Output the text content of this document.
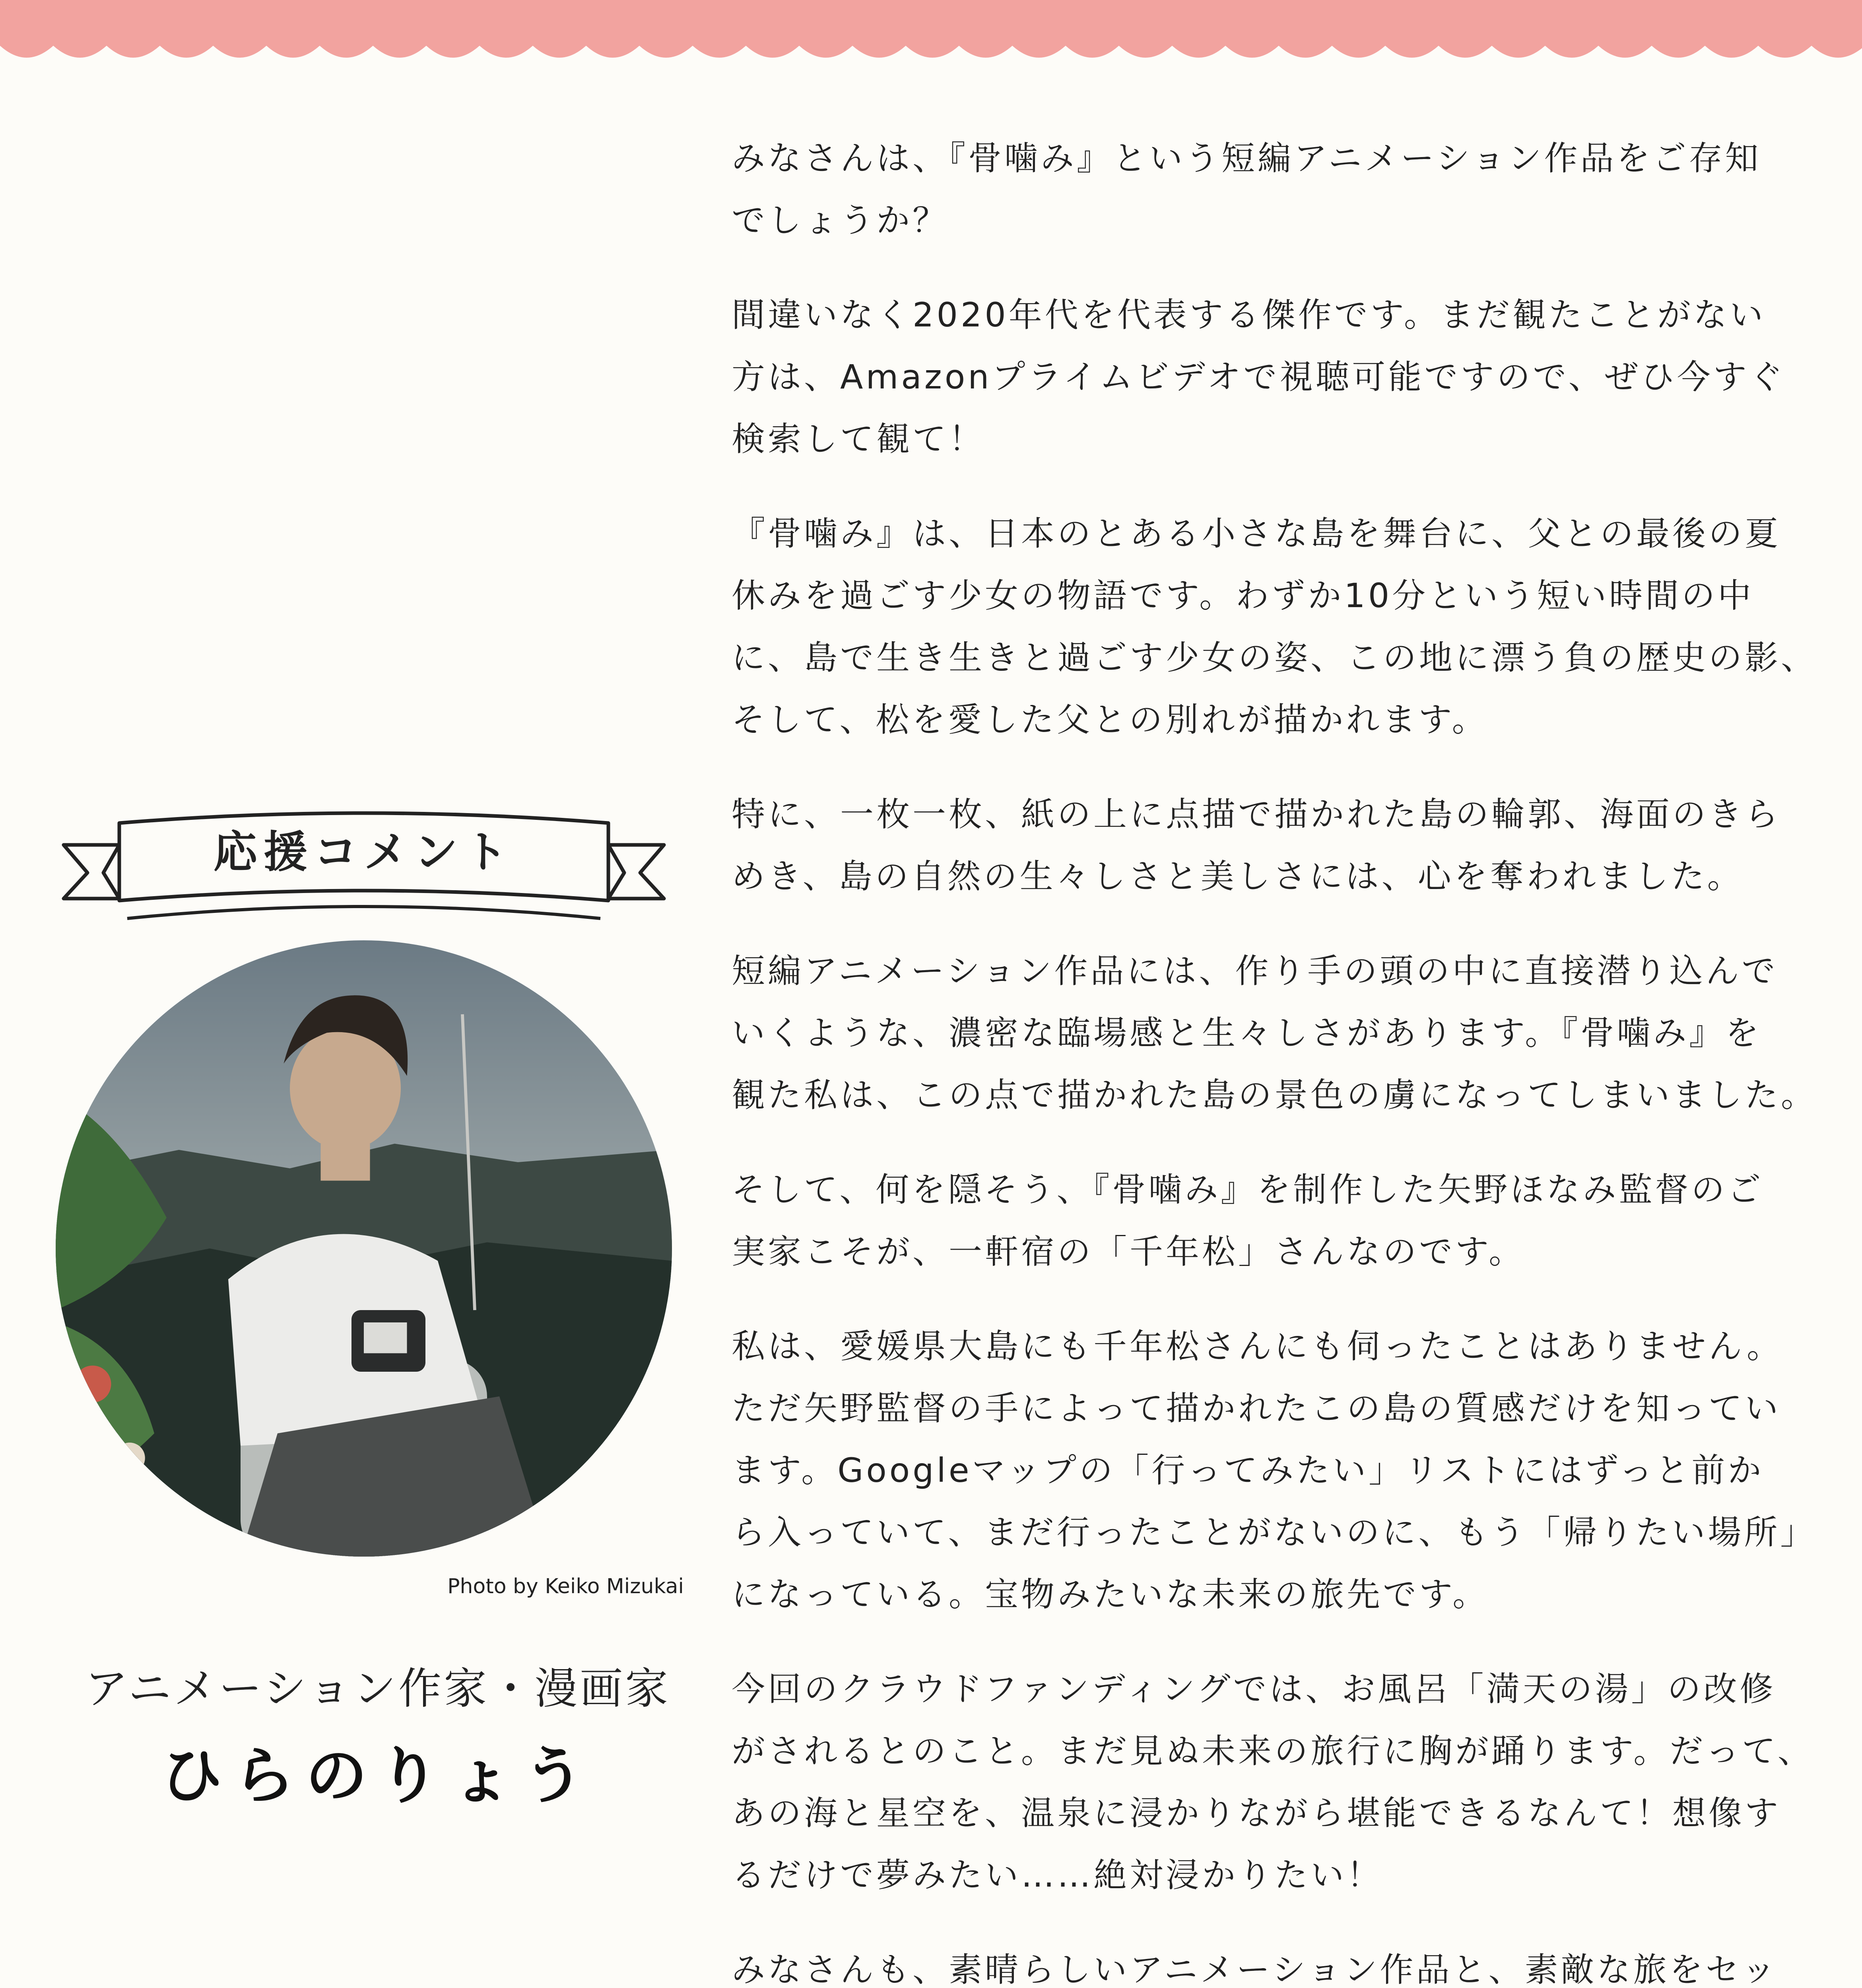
応援コメント
Photo by Keiko Mizukai
アニメーション作家・漫画家
ひらのりょう

みなさんは、『骨噛み』という短編アニメーション作品をご存知
でしょうか？

間違いなく2020年代を代表する傑作です。まだ観たことがない
方は、Amazonプライムビデオで視聴可能ですので、ぜひ今すぐ
検索して観て！

『骨噛み』は、日本のとある小さな島を舞台に、父との最後の夏
休みを過ごす少女の物語です。わずか10分という短い時間の中
に、島で生き生きと過ごす少女の姿、この地に漂う負の歴史の影、
そして、松を愛した父との別れが描かれます。

特に、一枚一枚、紙の上に点描で描かれた島の輪郭、海面のきら
めき、島の自然の生々しさと美しさには、心を奪われました。

短編アニメーション作品には、作り手の頭の中に直接潜り込んで
いくような、濃密な臨場感と生々しさがあります。『骨噛み』を
観た私は、この点で描かれた島の景色の虜になってしまいました。

そして、何を隠そう、『骨噛み』を制作した矢野ほなみ監督のご
実家こそが、一軒宿の「千年松」さんなのです。

私は、愛媛県大島にも千年松さんにも伺ったことはありません。
ただ矢野監督の手によって描かれたこの島の質感だけを知ってい
ます。Googleマップの「行ってみたい」リストにはずっと前か
ら入っていて、まだ行ったことがないのに、もう「帰りたい場所」
になっている。宝物みたいな未来の旅先です。

今回のクラウドファンディングでは、お風呂「満天の湯」の改修
がされるとのこと。まだ見ぬ未来の旅行に胸が踊ります。だって、
あの海と星空を、温泉に浸かりながら堪能できるなんて！想像す
るだけで夢みたい……絶対浸かりたい！

みなさんも、素晴らしいアニメーション作品と、素敵な旅をセッ
